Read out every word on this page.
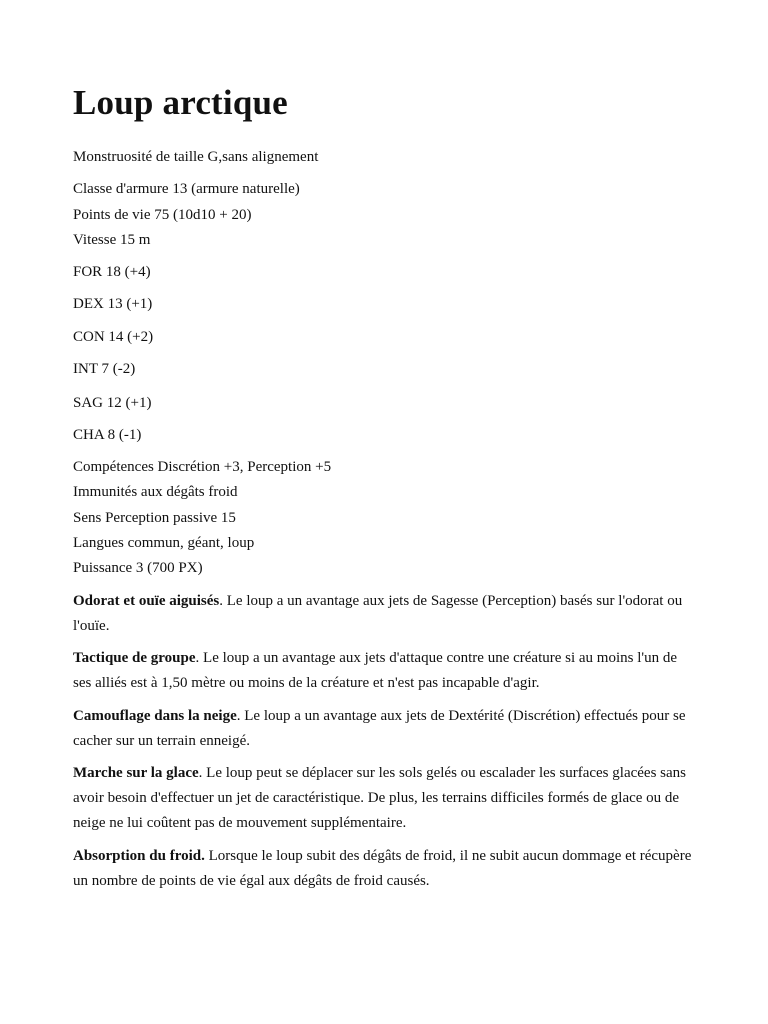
Loup arctique
Monstruosité de taille G,sans alignement
Classe d'armure 13 (armure naturelle)
Points de vie 75 (10d10 + 20)
Vitesse 15 m
FOR 18 (+4)
DEX 13 (+1)
CON 14 (+2)
INT 7 (-2)
SAG 12 (+1)
CHA 8 (-1)
Compétences Discrétion +3, Perception +5
Immunités aux dégâts froid
Sens Perception passive 15
Langues commun, géant, loup
Puissance 3 (700 PX)
Odorat et ouïe aiguisés. Le loup a un avantage aux jets de Sagesse (Perception) basés sur l'odorat ou l'ouïe.
Tactique de groupe. Le loup a un avantage aux jets d'attaque contre une créature si au moins l'un de ses alliés est à 1,50 mètre ou moins de la créature et n'est pas incapable d'agir.
Camouflage dans la neige. Le loup a un avantage aux jets de Dextérité (Discrétion) effectués pour se cacher sur un terrain enneigé.
Marche sur la glace. Le loup peut se déplacer sur les sols gelés ou escalader les surfaces glacées sans avoir besoin d'effectuer un jet de caractéristique. De plus, les terrains difficiles formés de glace ou de neige ne lui coûtent pas de mouvement supplémentaire.
Absorption du froid. Lorsque le loup subit des dégâts de froid, il ne subit aucun dommage et récupère un nombre de points de vie égal aux dégâts de froid causés.
